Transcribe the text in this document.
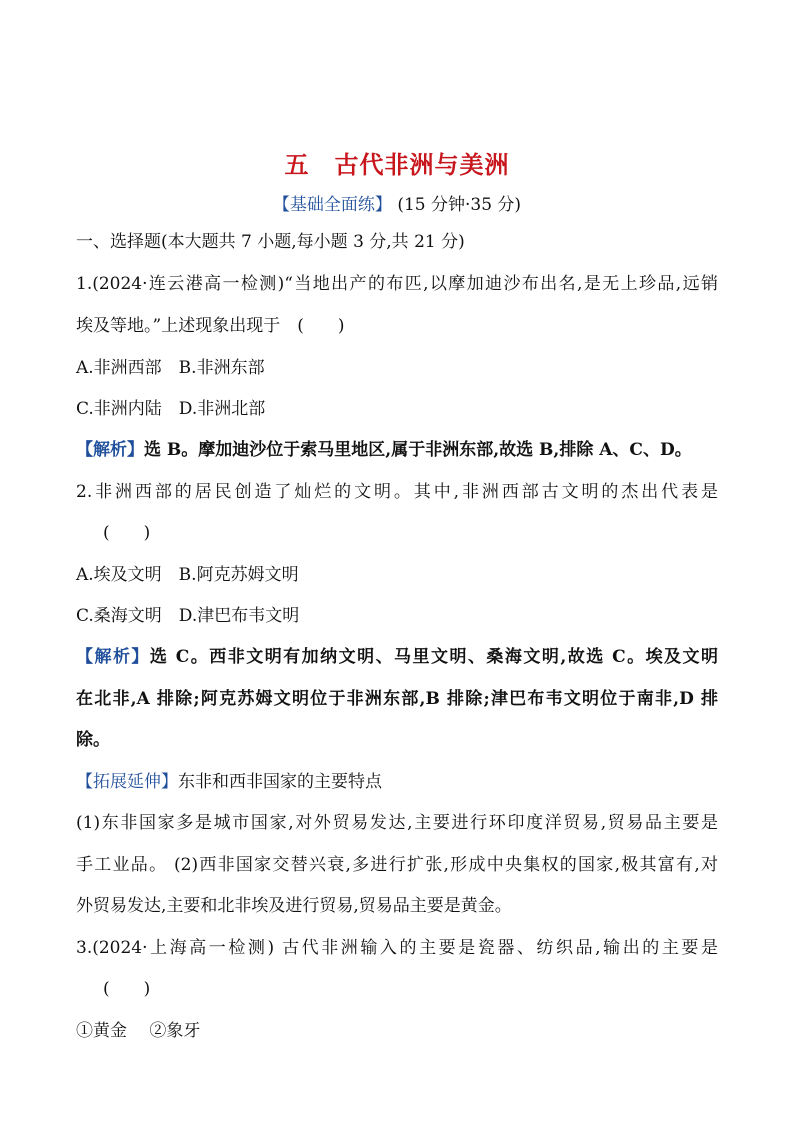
五　古代非洲与美洲
【基础全面练】 (15 分钟·35 分)
一、选择题(本大题共 7 小题,每小题 3 分,共 21 分)
1.(2024·连云港高一检测)“当地出产的布匹,以摩加迪沙布出名,是无上珍品,远销
埃及等地。”上述现象出现于　(　　)
A.非洲西部　B.非洲东部
C.非洲内陆　D.非洲北部
【解析】选 B。摩加迪沙位于索马里地区,属于非洲东部,故选 B,排除 A、C、D。
2.非洲西部的居民创造了灿烂的文明。其中,非洲西部古文明的杰出代表是
(　　)
A.埃及文明　B.阿克苏姆文明
C.桑海文明　D.津巴布韦文明
【解析】选 C。西非文明有加纳文明、马里文明、桑海文明,故选 C。埃及文明
在北非,A 排除;阿克苏姆文明位于非洲东部,B 排除;津巴布韦文明位于南非,D 排
除。
【拓展延伸】东非和西非国家的主要特点
(1)东非国家多是城市国家,对外贸易发达,主要进行环印度洋贸易,贸易品主要是
手工业品。 (2)西非国家交替兴衰,多进行扩张,形成中央集权的国家,极其富有,对
外贸易发达,主要和北非埃及进行贸易,贸易品主要是黄金。
3.(2024·上海高一检测) 古代非洲输入的主要是瓷器、纺织品,输出的主要是
(　　)
①黄金　 ②象牙
